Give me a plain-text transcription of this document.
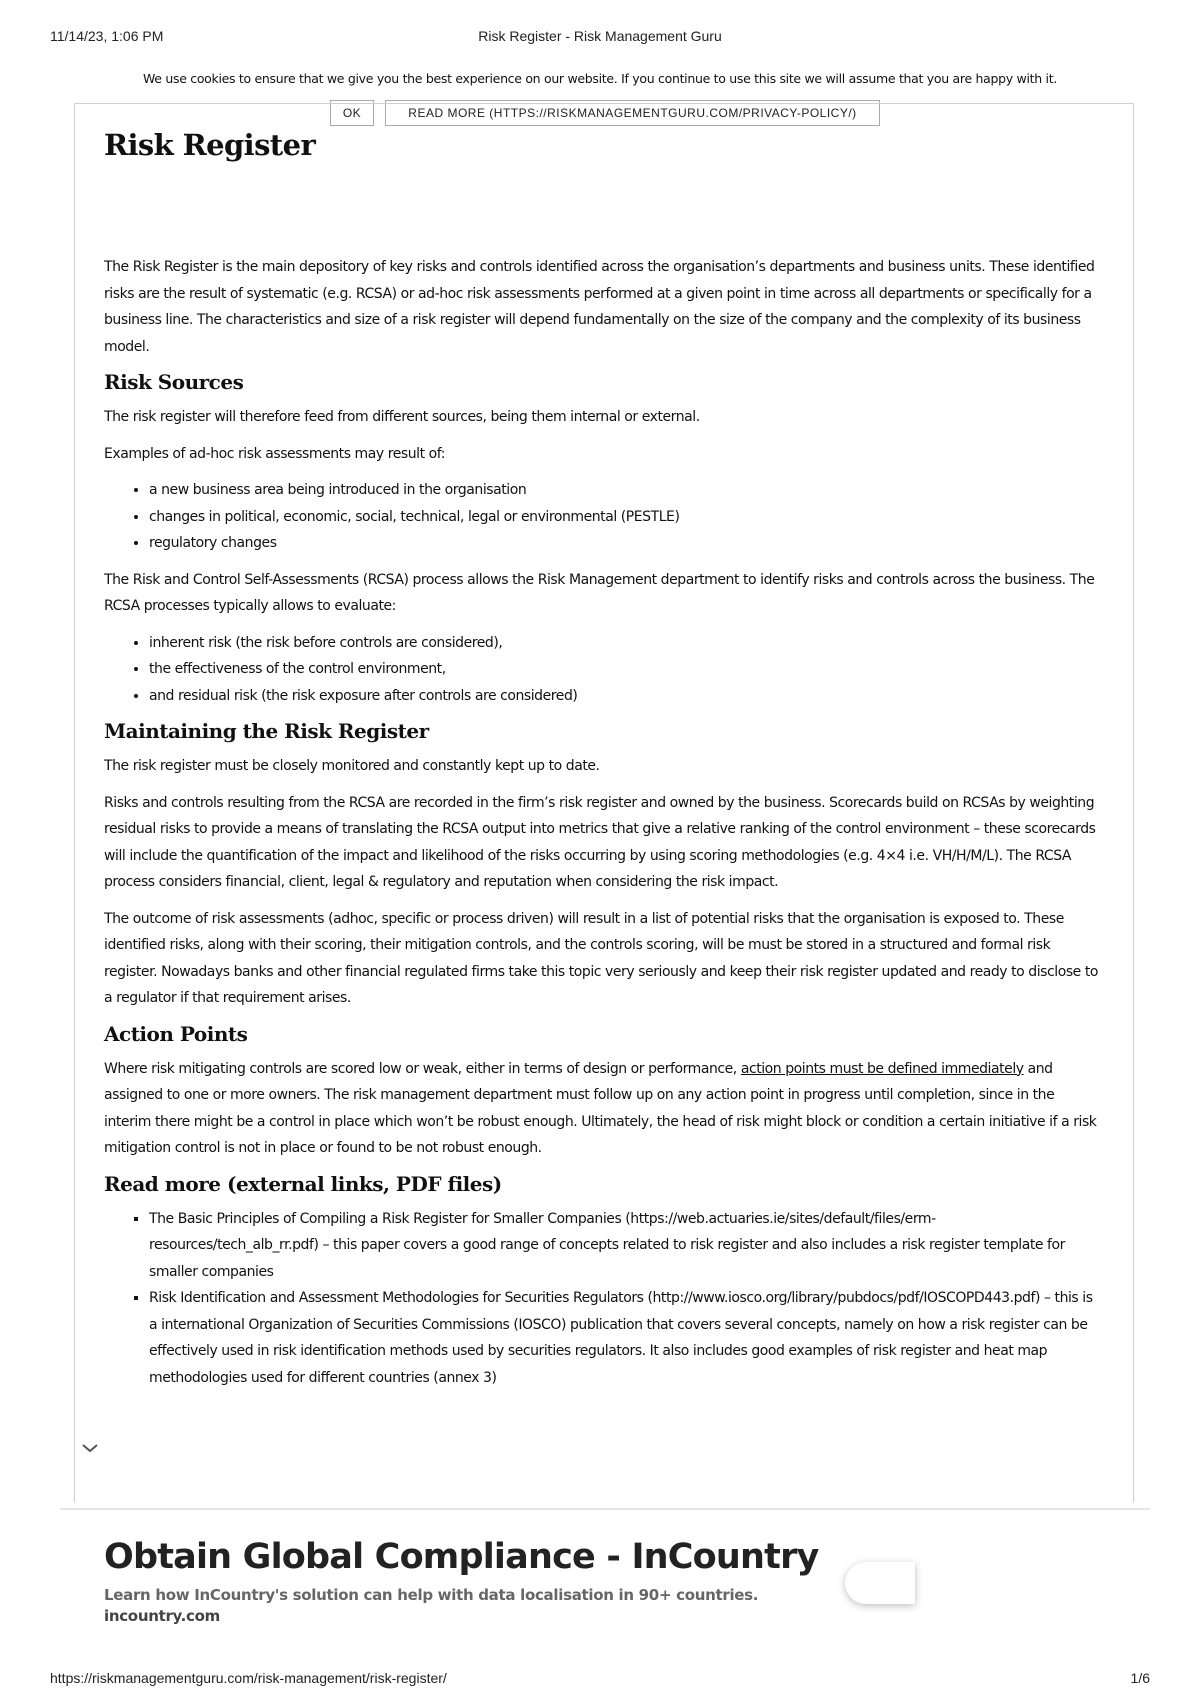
11/14/23, 1:06 PM	Risk Register - Risk Management Guru
We use cookies to ensure that we give you the best experience on our website. If you continue to use this site we will assume that you are happy with it.
OK	READ MORE (HTTPS://RISKMANAGEMENTGURU.COM/PRIVACY-POLICY/)
Risk Register

The Risk Register is the main depository of key risks and controls identified across the organisation’s departments and business units. These identified risks are the result of systematic (e.g. RCSA) or ad-hoc risk assessments performed at a given point in time across all departments or specifically for a business line. The characteristics and size of a risk register will depend fundamentally on the size of the company and the complexity of its business model.

Risk Sources

The risk register will therefore feed from different sources, being them internal or external.

Examples of ad-hoc risk assessments may result of:

• a new business area being introduced in the organisation
• changes in political, economic, social, technical, legal or environmental (PESTLE)
• regulatory changes

The Risk and Control Self-Assessments (RCSA) process allows the Risk Management department to identify risks and controls across the business. The RCSA processes typically allows to evaluate:

• inherent risk (the risk before controls are considered),
• the effectiveness of the control environment,
• and residual risk (the risk exposure after controls are considered)
Maintaining the Risk Register

The risk register must be closely monitored and constantly kept up to date.

Risks and controls resulting from the RCSA are recorded in the firm’s risk register and owned by the business. Scorecards build on RCSAs by weighting residual risks to provide a means of translating the RCSA output into metrics that give a relative ranking of the control environment – these scorecards will include the quantification of the impact and likelihood of the risks occurring by using scoring methodologies (e.g. 4×4 i.e. VH/H/M/L). The RCSA process considers financial, client, legal & regulatory and reputation when considering the risk impact.

The outcome of risk assessments (adhoc, specific or process driven) will result in a list of potential risks that the organisation is exposed to. These identified risks, along with their scoring, their mitigation controls, and the controls scoring, will be must be stored in a structured and formal risk register. Nowadays banks and other financial regulated firms take this topic very seriously and keep their risk register updated and ready to disclose to a regulator if that requirement arises.

Action Points

Where risk mitigating controls are scored low or weak, either in terms of design or performance, action points must be defined immediately and assigned to one or more owners. The risk management department must follow up on any action point in progress until completion, since in the interim there might be a control in place which won’t be robust enough. Ultimately, the head of risk might block or condition a certain initiative if a risk mitigation control is not in place or found to be not robust enough.

Read more (external links, PDF files)
▪ The Basic Principles of Compiling a Risk Register for Smaller Companies (https://web.actuaries.ie/sites/default/files/erm-resources/tech_alb_rr.pdf) – this paper covers a good range of concepts related to risk register and also includes a risk register template for smaller companies
▪ Risk Identification and Assessment Methodologies for Securities Regulators (http://www.iosco.org/library/pubdocs/pdf/IOSCOPD443.pdf) – this is a international Organization of Securities Commissions (IOSCO) publication that covers several concepts, namely on how a risk register can be effectively used in risk identification methods used by securities regulators. It also includes good examples of risk register and heat map methodologies used for different countries (annex 3)
Obtain Global Compliance - InCountry
Learn how InCountry's solution can help with data localisation in 90+ countries.
incountry.com
https://riskmanagementguru.com/risk-management/risk-register/	1/6
